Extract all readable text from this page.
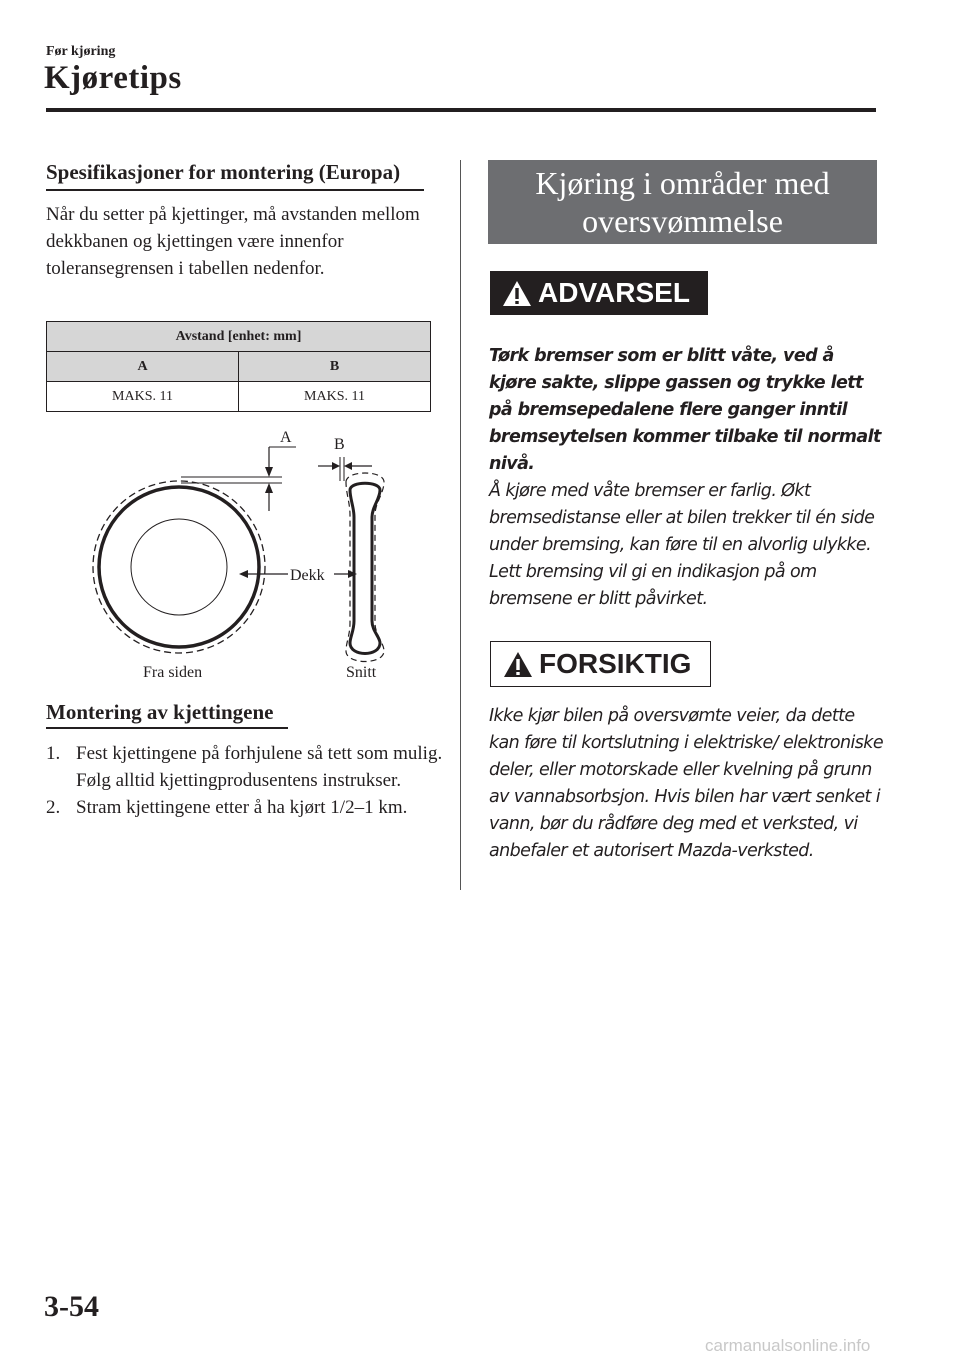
Før kjøring
Kjøretips
Spesifikasjoner for montering (Europa)
Når du setter på kjettinger, må avstanden mellom dekkbanen og kjettingen være innenfor toleransegrensen i tabellen nedenfor.
Avstand [enhet: mm]	
A	B
MAKS. 11	MAKS. 11
A	B
Dekk
Fra siden	Snitt
Montering av kjettingene
1. Fest kjettingene på forhjulene så tett som mulig. Følg alltid kjettingprodusentens instrukser.
2. Stram kjettingene etter å ha kjørt 1/2–1 km.
Kjøring i områder med
oversvømmelse
ADVARSEL
Tørk bremser som er blitt våte, ved å kjøre sakte, slippe gassen og trykke lett på bremsepedalene flere ganger inntil bremseytelsen kommer tilbake til normalt nivå.
Å kjøre med våte bremser er farlig. Økt bremsedistanse eller at bilen trekker til én side under bremsing, kan føre til en alvorlig ulykke. Lett bremsing vil gi en indikasjon på om bremsene er blitt påvirket.
FORSIKTIG
Ikke kjør bilen på oversvømte veier, da dette kan føre til kortslutning i elektriske/ elektroniske deler, eller motorskade eller kvelning på grunn av vannabsorbsjon. Hvis bilen har vært senket i vann, bør du rådføre deg med et verksted, vi anbefaler et autorisert Mazda-verksted.
3-54
carmanualsonline.info
